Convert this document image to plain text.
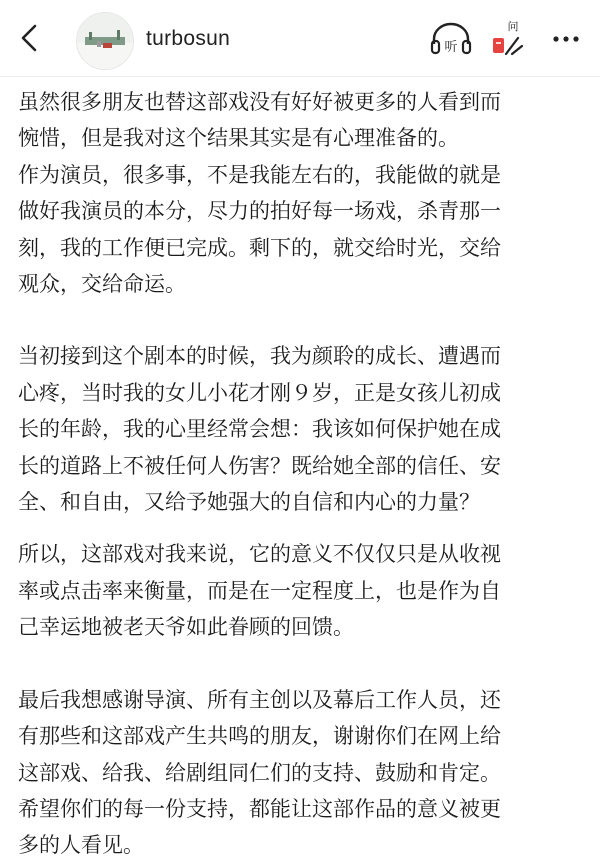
turbosun	听
问
虽然很多朋友也替这部戏没有好好被更多的人看到而
惋惜，但是我对这个结果其实是有心理准备的。
作为演员，很多事，不是我能左右的，我能做的就是
做好我演员的本分，尽力的拍好每一场戏，杀青那一
刻，我的工作便已完成。剩下的，就交给时光，交给
观众，交给命运。
当初接到这个剧本的时候，我为颜聆的成长、遭遇而
心疼，当时我的女儿小花才刚９岁，正是女孩儿初成
长的年龄，我的心里经常会想：我该如何保护她在成
长的道路上不被任何人伤害？既给她全部的信任、安
全、和自由，又给予她强大的自信和内心的力量？
所以，这部戏对我来说，它的意义不仅仅只是从收视
率或点击率来衡量，而是在一定程度上，也是作为自
己幸运地被老天爷如此眷顾的回馈。
最后我想感谢导演、所有主创以及幕后工作人员，还
有那些和这部戏产生共鸣的朋友，谢谢你们在网上给
这部戏、给我、给剧组同仁们的支持、鼓励和肯定。
希望你们的每一份支持，都能让这部作品的意义被更
多的人看见。
